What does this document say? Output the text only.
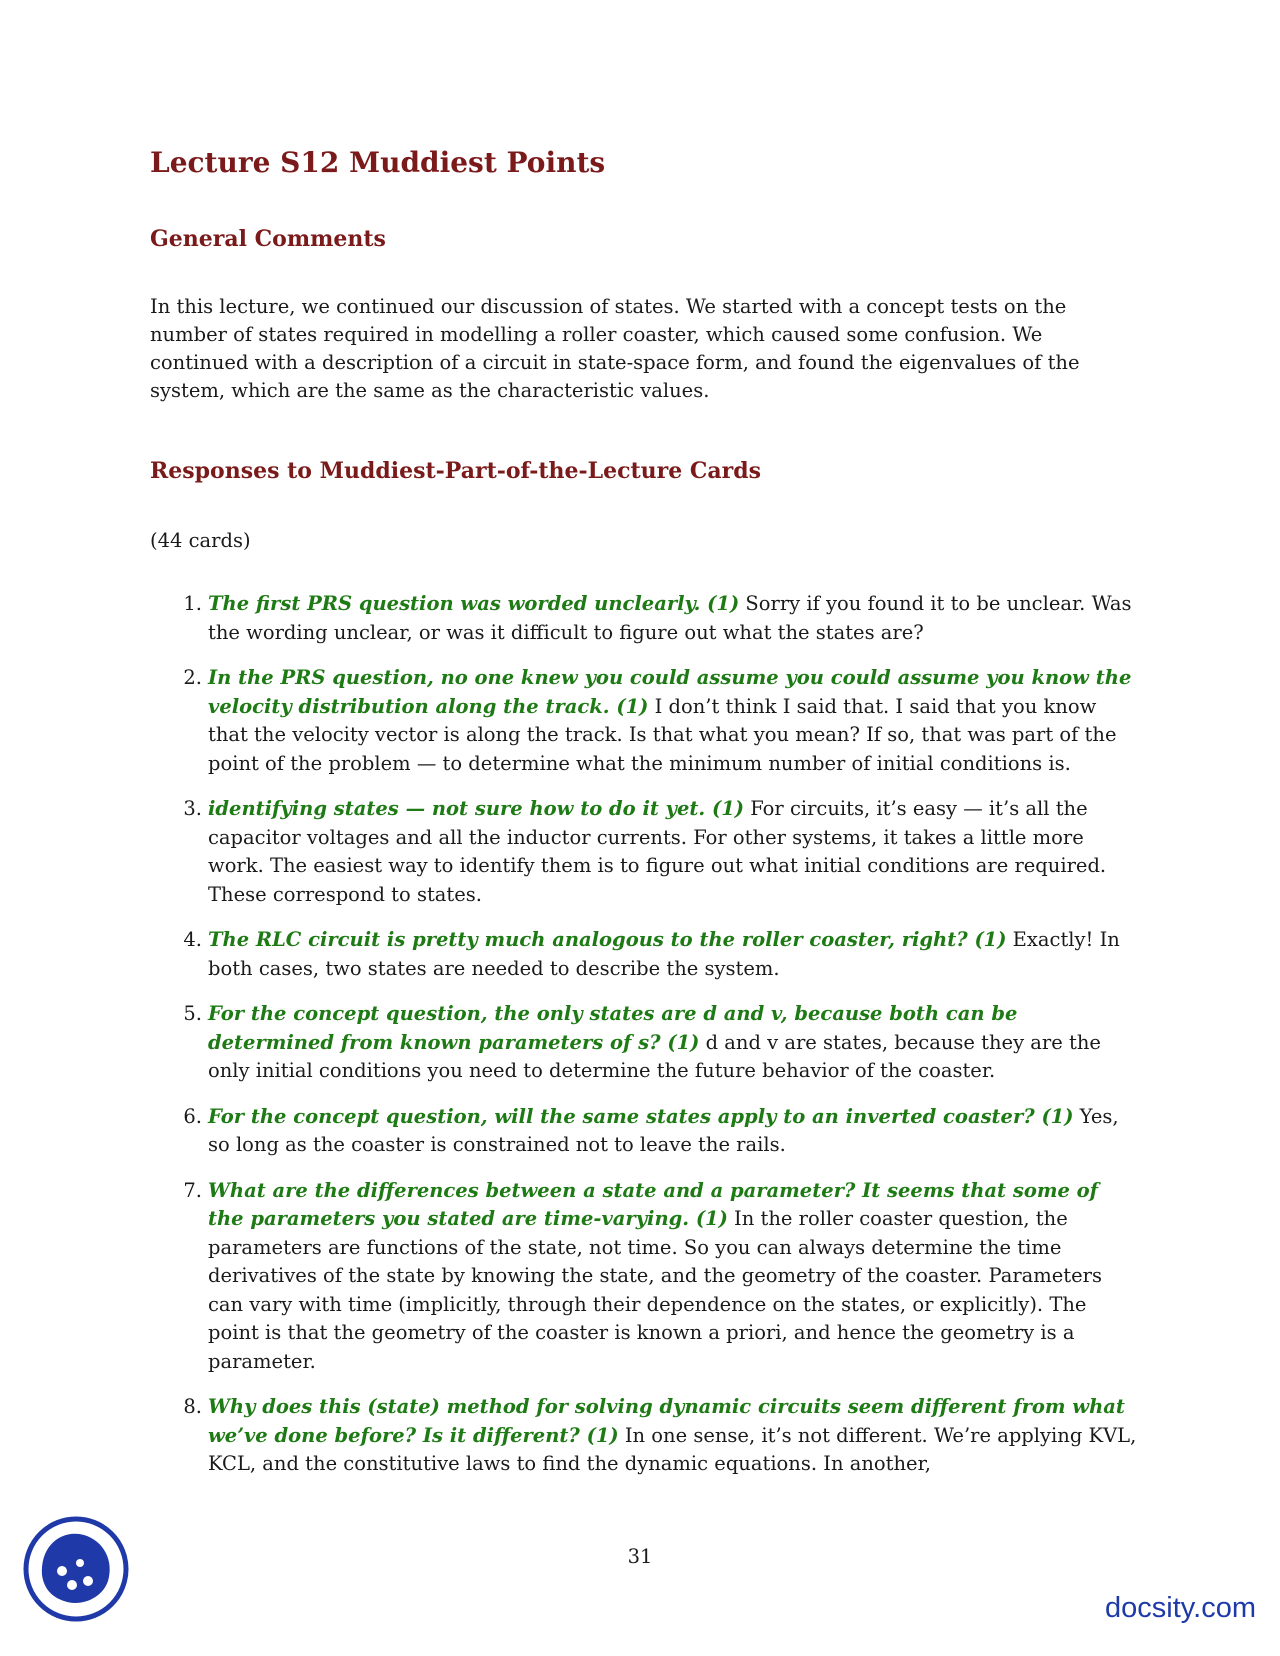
Lecture S12 Muddiest Points
General Comments

In this lecture, we continued our discussion of states. We started with a concept tests on the number of states required in modelling a roller coaster, which caused some confusion. We continued with a description of a circuit in state-space form, and found the eigenvalues of the system, which are the same as the characteristic values.

Responses to Muddiest-Part-of-the-Lecture Cards

(44 cards)

1. The first PRS question was worded unclearly. (1) Sorry if you found it to be unclear. Was the wording unclear, or was it difficult to figure out what the states are?
2. In the PRS question, no one knew you could assume you could assume you know the velocity distribution along the track. (1) I don’t think I said that. I said that you know that the velocity vector is along the track. Is that what you mean? If so, that was part of the point of the problem — to determine what the minimum number of initial conditions is.
3. identifying states — not sure how to do it yet. (1) For circuits, it’s easy — it’s all the capacitor voltages and all the inductor currents. For other systems, it takes a little more work. The easiest way to identify them is to figure out what initial conditions are required. These correspond to states.
4. The RLC circuit is pretty much analogous to the roller coaster, right? (1) Exactly! In both cases, two states are needed to describe the system.
5. For the concept question, the only states are d and v, because both can be determined from known parameters of s? (1) d and v are states, because they are the only initial conditions you need to determine the future behavior of the coaster.
6. For the concept question, will the same states apply to an inverted coaster? (1) Yes, so long as the coaster is constrained not to leave the rails.
7. What are the differences between a state and a parameter? It seems that some of the parameters you stated are time-varying. (1) In the roller coaster question, the parameters are functions of the state, not time. So you can always determine the time derivatives of the state by knowing the state, and the geometry of the coaster. Parameters can vary with time (implicitly, through their dependence on the states, or explicitly). The point is that the geometry of the coaster is known a priori, and hence the geometry is a parameter.
8. Why does this (state) method for solving dynamic circuits seem different from what we’ve done before? Is it different? (1) In one sense, it’s not different. We’re applying KVL, KCL, and the constitutive laws to find the dynamic equations. In another,
31
docsity.com
